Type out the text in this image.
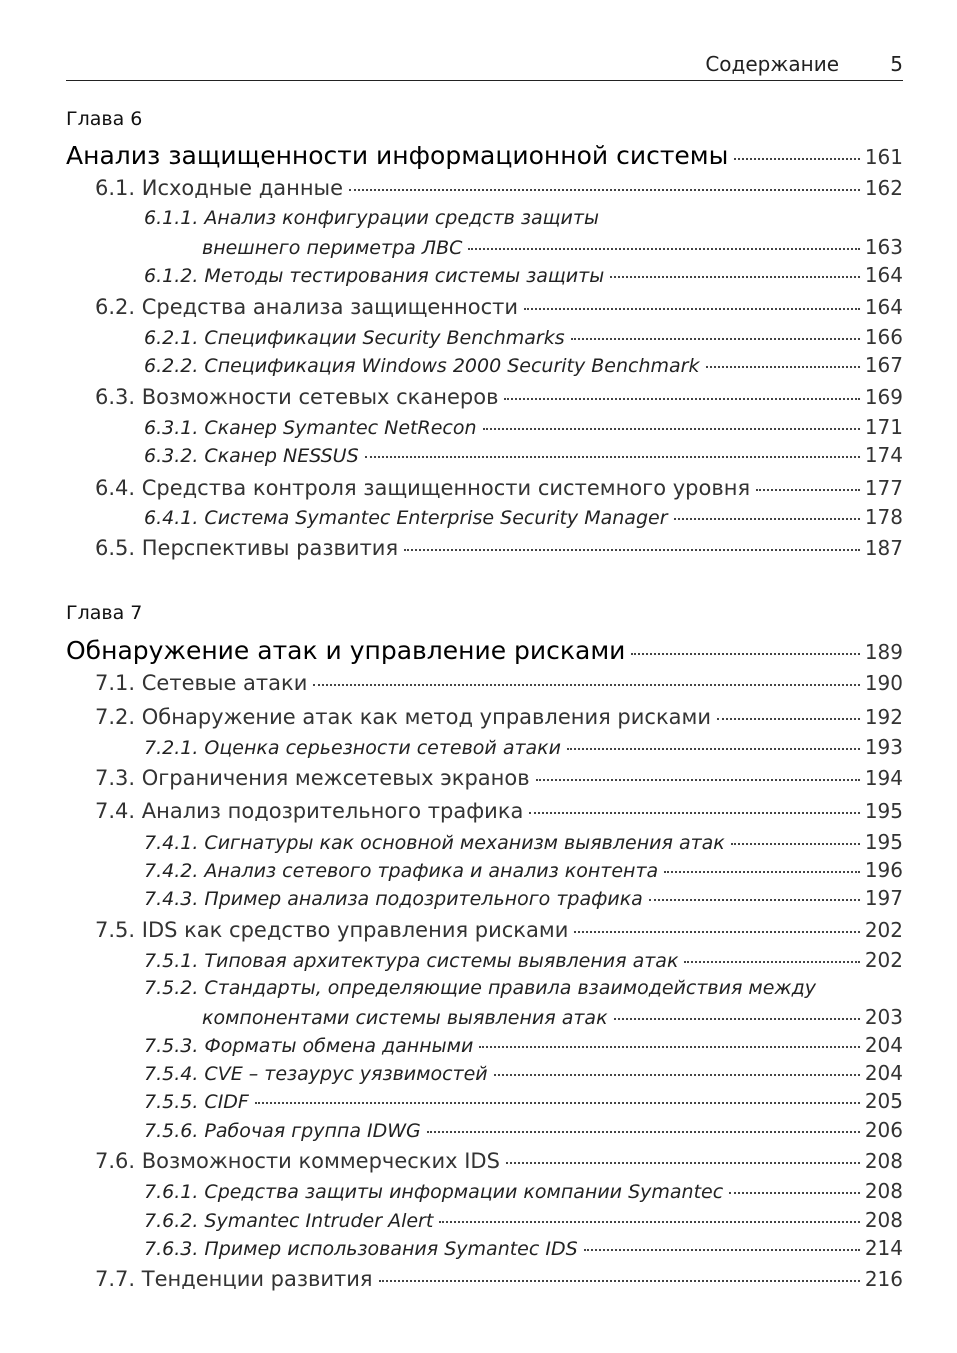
Содержание	5
Глава 6
Анализ защищенности информационной системы	161
6.1. Исходные данные	162
6.1.1. Анализ конфигурации средств защиты
внешнего периметра ЛВС	163
6.1.2. Методы тестирования системы защиты	164
6.2. Средства анализа защищенности	164
6.2.1. Спецификации Security Benchmarks	166
6.2.2. Спецификация Windows 2000 Security Benchmark	167
6.3. Возможности сетевых сканеров	169
6.3.1. Сканер Symantec NetRecon	171
6.3.2. Сканер NESSUS	174
6.4. Средства контроля защищенности системного уровня	177
6.4.1. Система Symantec Enterprise Security Manager	178
6.5. Перспективы развития	187
Глава 7
Обнаружение атак и управление рисками	189
7.1. Сетевые атаки	190
7.2. Обнаружение атак как метод управления рисками	192
7.2.1. Оценка серьезности сетевой атаки	193
7.3. Ограничения межсетевых экранов	194
7.4. Анализ подозрительного трафика	195
7.4.1. Сигнатуры как основной механизм выявления атак	195
7.4.2. Анализ сетевого трафика и анализ контента	196
7.4.3. Пример анализа подозрительного трафика	197
7.5. IDS как средство управления рисками	202
7.5.1. Типовая архитектура системы выявления атак	202
7.5.2. Стандарты, определяющие правила взаимодействия между
компонентами системы выявления атак	203
7.5.3. Форматы обмена данными	204
7.5.4. CVE – тезаурус уязвимостей	204
7.5.5. CIDF	205
7.5.6. Рабочая группа IDWG	206
7.6. Возможности коммерческих IDS	208
7.6.1. Средства защиты информации компании Symantec	208
7.6.2. Symantec Intruder Alert	208
7.6.3. Пример использования Symantec IDS	214
7.7. Тенденции развития	216
